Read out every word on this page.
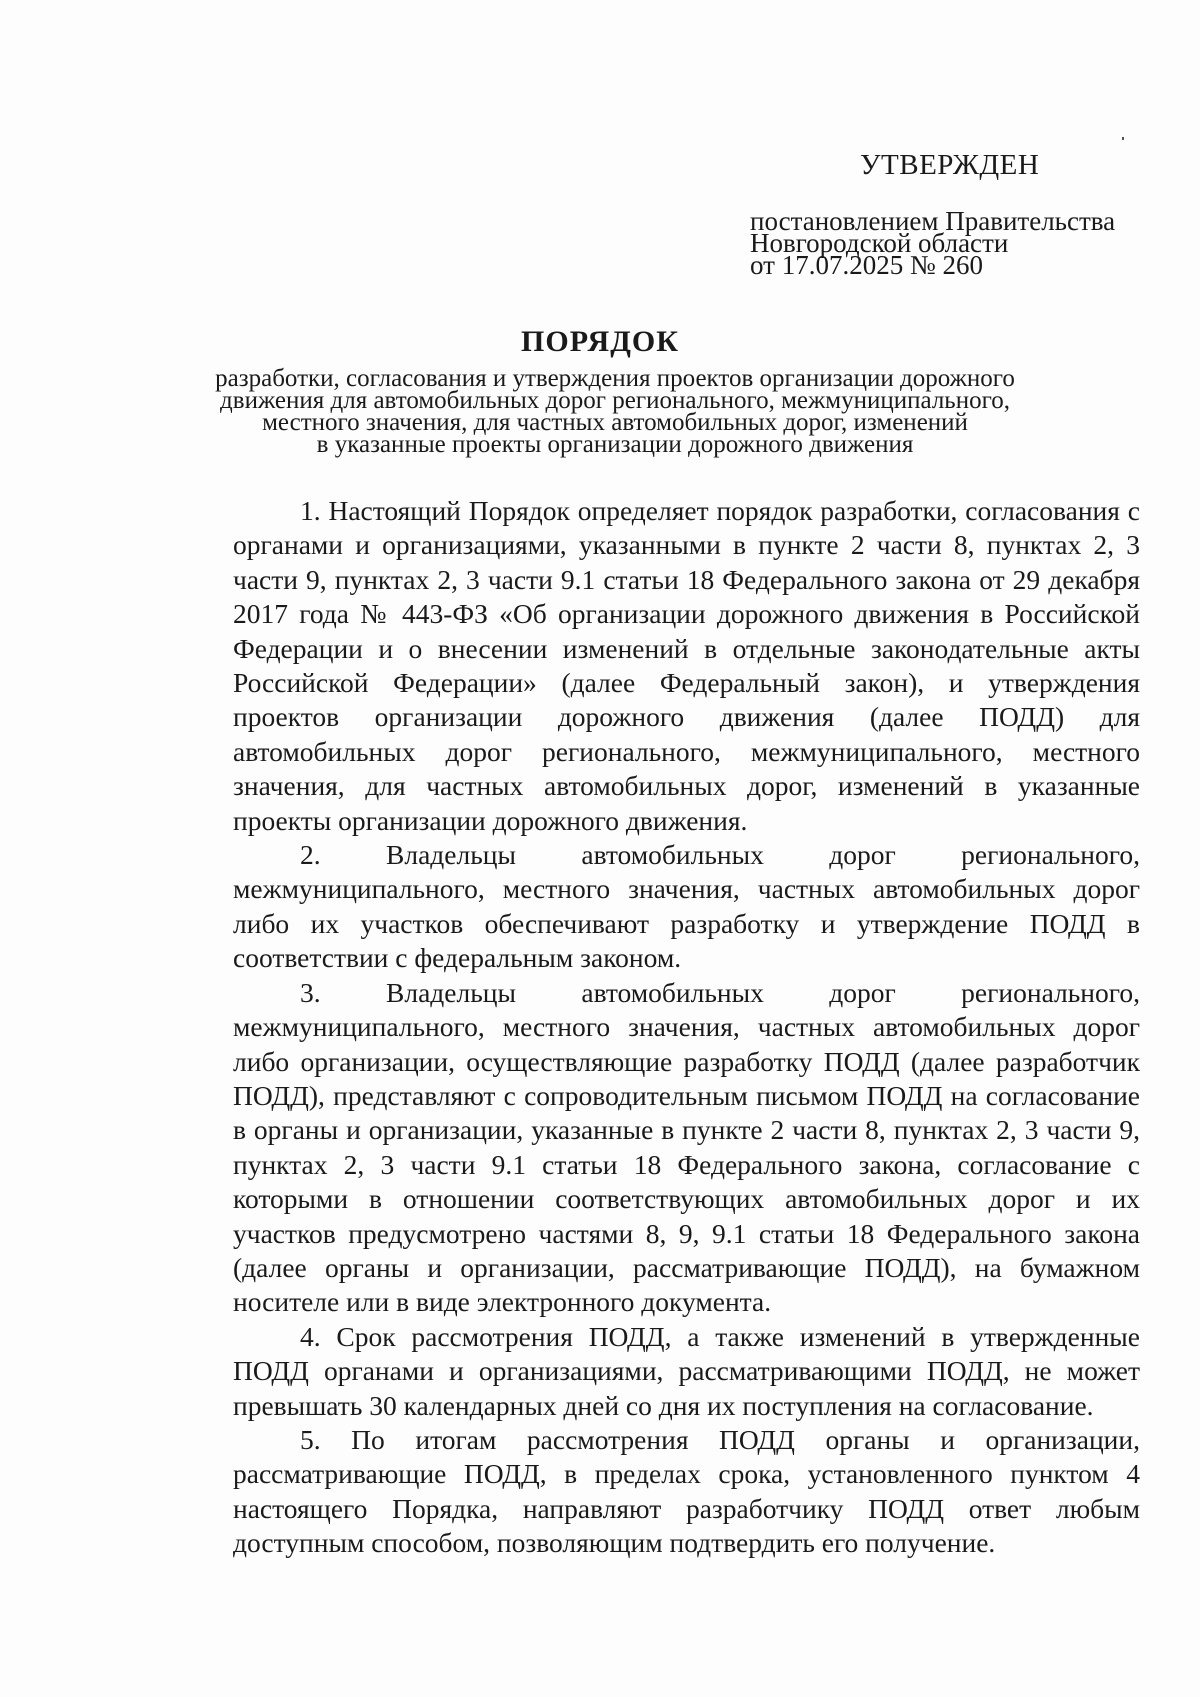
УТВЕРЖДЕН
постановлением Правительства
Новгородской области
от 17.07.2025 № 260
ПОРЯДОК
разработки, согласования и утверждения проектов организации дорожного
движения для автомобильных дорог регионального, межмуниципального,
местного значения, для частных автомобильных дорог, изменений
в указанные проекты организации дорожного движения

1. Настоящий Порядок определяет порядок разработки, согласования с органами и организациями, указанными в пункте 2 части 8, пунктах 2, 3 части 9, пунктах 2, 3 части 9.1 статьи 18 Федерального закона от 29 декабря 2017 года № 443-ФЗ «Об организации дорожного движения в Российской Федерации и о внесении изменений в отдельные законодательные акты Российской Федерации» (далее Федеральный закон), и утверждения проектов организации дорожного движения (далее ПОДД) для автомобильных дорог регионального, межмуниципального, местного значения, для частных автомобильных дорог, изменений в указанные проекты организации дорожного движения.

2. Владельцы автомобильных дорог регионального, межмуниципального, местного значения, частных автомобильных дорог либо их участков обеспечивают разработку и утверждение ПОДД в соответствии с федеральным законом.

3. Владельцы автомобильных дорог регионального, межмуниципального, местного значения, частных автомобильных дорог либо организации, осуществляющие разработку ПОДД (далее разработчик ПОДД), представляют с сопроводительным письмом ПОДД на согласование в органы и организации, указанные в пункте 2 части 8, пунктах 2, 3 части 9, пунктах 2, 3 части 9.1 статьи 18 Федерального закона, согласование с которыми в отношении соответствующих автомобильных дорог и их участков предусмотрено частями 8, 9, 9.1 статьи 18 Федерального закона (далее органы и организации, рассматривающие ПОДД), на бумажном носителе или в виде электронного документа.

4. Срок рассмотрения ПОДД, а также изменений в утвержденные ПОДД органами и организациями, рассматривающими ПОДД, не может превышать 30 календарных дней со дня их поступления на согласование.

5. По итогам рассмотрения ПОДД органы и организации, рассматривающие ПОДД, в пределах срока, установленного пунктом 4 настоящего Порядка, направляют разработчику ПОДД ответ любым доступным способом, позволяющим подтвердить его получение.
